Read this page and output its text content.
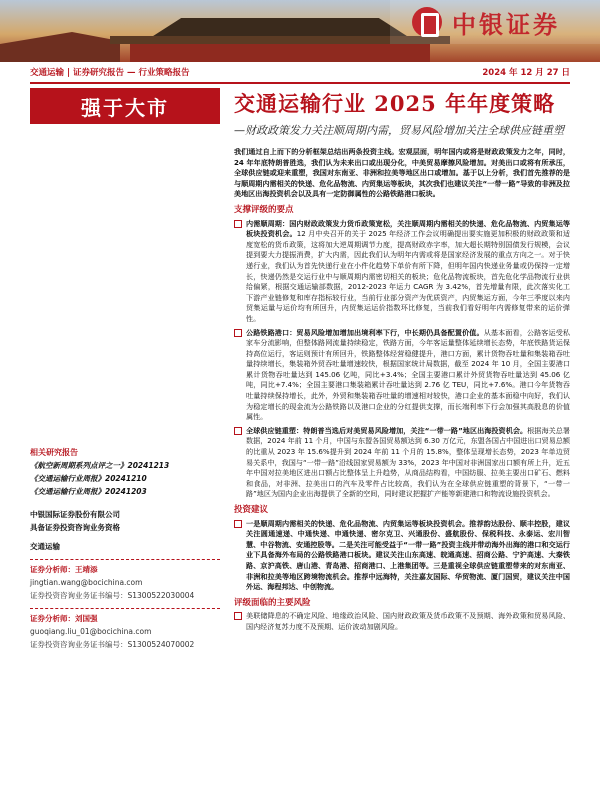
中银证券
交通运输 | 证券研究报告 — 行业策略报告	2024 年 12 月 27 日
强于大市	交通运输行业 2025 年年度策略
—财政政策发力关注顺周期内需，贸易风险增加关注全球供应链重塑

我们通过自上而下的分析框架总结出两条投资主线。宏观层面，明年国内或将是财政政策发力之年，同时，24 年年底特朗普胜选，我们认为未来出口或出现分化，中美贸易摩擦风险增加。对美出口或将有所承压，全球供应链或迎来重塑，我国对东南亚、非洲和拉美等地区出口或增加。基于以上分析，我们首先推荐的是与顺周期内需相关的快递、危化品物流、内贸集运等板块，其次我们也建议关注“一带一路”导致的非洲及拉美地区出海投资机会以及具有一定防御属性的公路铁路港口板块。

支撑评级的要点
内需顺周期：国内财政政策发力货币政策宽松，关注顺周期内需相关的快递、危化品物流、内贸集运等板块投资机会。12 月中央召开的关于 2025 年经济工作会议明确提出要实施更加积极的财政政策和适度宽松的货币政策，这将加大逆周期调节力度，提高财政赤字率，加大超长期特别国债发行规模，会议提到要大力提振消费，扩大内需，因此我们认为明年内需或将是国家经济发展的重点方向之一。对于快递行业，我们认为首先快递行业在小件化趋势下单价有所下降，但明年国内快递业务量或仍保持一定增长，快递仍然是交运行业中与顺周期内需密切相关的板块；危化品物流板块，首先危化学品物流行业供给偏紧，根据交通运输部数据，2012-2023 年运力 CAGR 为 3.42%，首先增量有限，此次落实化工下游产业链修复和库存指标较行业，当前行业部分资产为优质资产，内贸集运方面，今年三季度以来内贸集运量与运价均有所回升，内贸集运运价指数环比修复，当前我们看好明年内需修复带来的运价弹性。
公路铁路港口：贸易风险增加增加出境利率下行，中长期仍具备配置价值。从基本面看，公路客运受私家车分流影响，但整体路网流量持续稳定，铁路方面，今年客运量整体延续增长态势，年底铁路货运保持高位运行，客运则预计有所回升，铁路整体经营稳健提升，港口方面，累计货物吞吐量和集装箱吞吐量持续增长，集装箱外贸吞吐量增速较快，根据国家统计局数据，截至 2024 年 10 月，全国主要港口累计货物吞吐量达到 145.06 亿吨，同比+3.4%；全国主要港口累计外贸货物吞吐量达到 45.06 亿吨，同比+7.4%；全国主要港口集装箱累计吞吐量达到 2.76 亿 TEU，同比+7.6%。港口今年货物吞吐量持续保持增长，此外，外贸和集装箱吞吐量的增速相对较快，港口企业的基本面稳中向好，我们认为稳定增长的现金流为公路铁路以及港口企业的分红提供支撑，而长端利率下行会加强其高股息的价值属性。
全球供应链重塑：特朗普当选后对美贸易风险增加，关注“一带一路”地区出海投资机会。根据海关总署数据，2024 年前 11 个月，中国与东盟各国贸易额达到 6.30 万亿元，东盟各国占中国进出口贸易总额的比重从 2023 年 15.6%提升到 2024 年前 11 个月的 15.8%，整体呈现增长态势，2023 年单边贸易关系中，我国与“一带一路”沿线国家贸易额为 33%，2023 年中国对非洲国家出口额有所上升，近五年中国对拉美地区进出口额占比整体呈上升趋势，从商品结构看，中国纺服、拉美主要出口矿石、燃料和食品，对非洲、拉美出口的汽车及零件占比较高，我们认为在全球供应链重塑的背景下，“一带一路”地区为国内企业出海提供了全新的空间，同时建议把握扩产能等新建港口和物流设施投资机会。
投资建议
一是顺周期内需相关的快递、危化品物流、内贸集运等板块投资机会。推荐韵达股份、顺丰控股，建议关注圆通速递、中通快递、申通快递、密尔克卫、兴通股份、盛航股份、保税科技、永泰运、宏川智慧、中谷物流、安通控股等。二是关注可能受益于“一带一路”投资主线并带动海外出海的港口和交运行业下具备海外布局的公路铁路港口板块。建议关注山东高速、皖通高速、招商公路、宁沪高速、大秦铁路、京沪高铁、唐山港、青岛港、招商港口、上港集团等。三是重视全球供应链重塑带来的对东南亚、非洲和拉美等地区跨境物流机会。推荐中远海特，关注嘉友国际、华贸物流、厦门国贸，建议关注中国外运、海程邦达、中创物流。
评级面临的主要风险
美联储降息的不确定风险、地缘政治风险、国内财政政策及货币政策不及预期、海外政策和贸易风险、国内经济复苏力度不及预期、运价波动加剧风险。
相关研究报告
《航空新周期系列点评之一》20241213
《交通运输行业周报》20241210
《交通运输行业周报》20241203
中银国际证券股份有限公司
具备证券投资咨询业务资格
交通运输
证券分析师：王靖添
jingtian.wang@bocichina.com
证券投资咨询业务证书编号：S1300522030004
证券分析师：刘国强
guoqiang.liu_01@bocichina.com
证券投资咨询业务证书编号：S1300524070002
